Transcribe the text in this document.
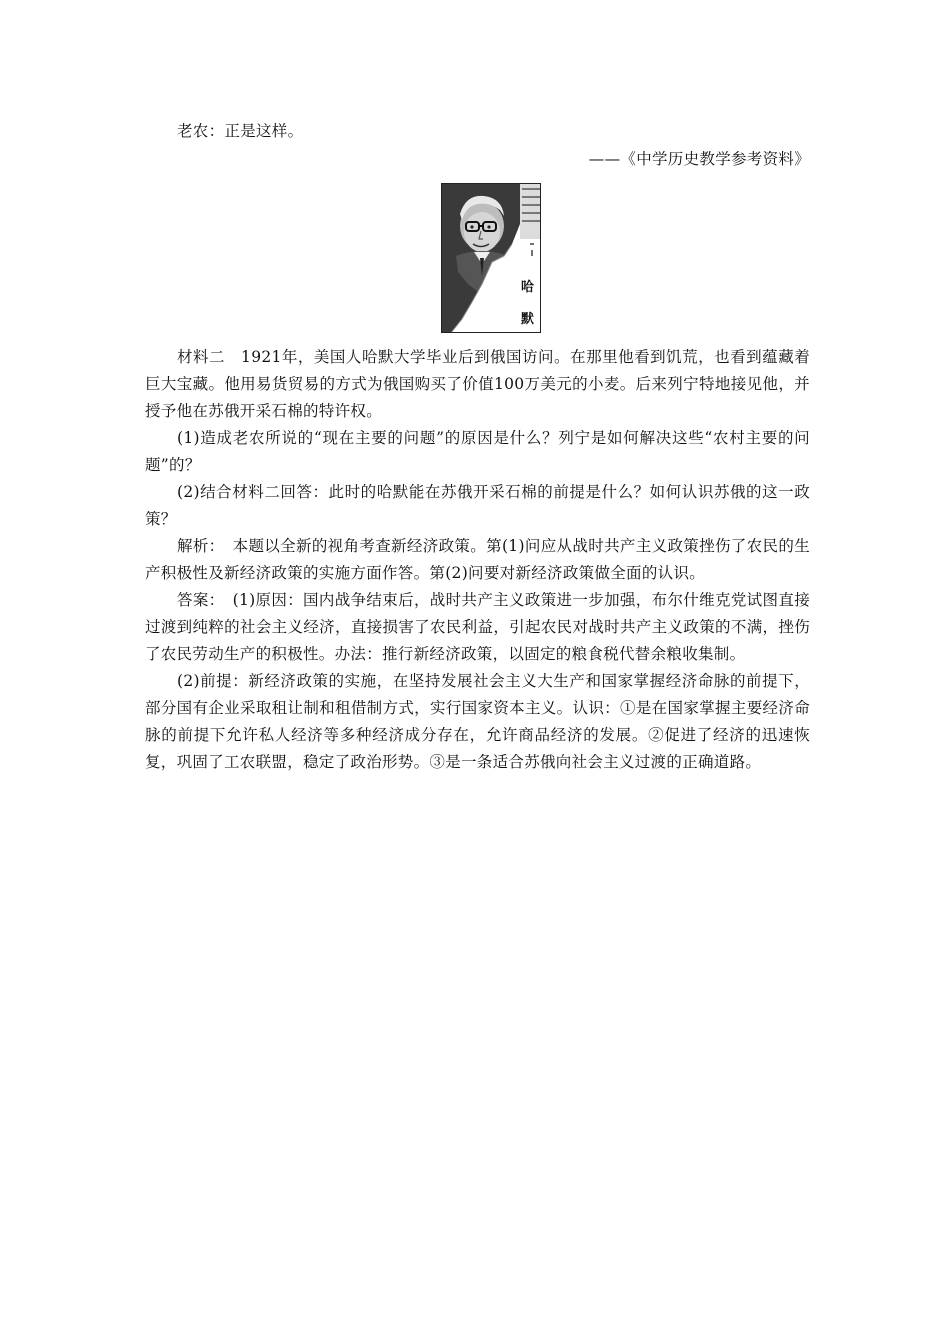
老农：正是这样。
——《中学历史教学参考资料》
哈
默

材料二　1921年，美国人哈默大学毕业后到俄国访问。在那里他看到饥荒，也看到蕴藏着巨大宝藏。他用易货贸易的方式为俄国购买了价值100万美元的小麦。后来列宁特地接见他，并授予他在苏俄开采石棉的特许权。

(1)造成老农所说的“现在主要的问题”的原因是什么？列宁是如何解决这些“农村主要的问题”的？

(2)结合材料二回答：此时的哈默能在苏俄开采石棉的前提是什么？如何认识苏俄的这一政策？

解析：　本题以全新的视角考查新经济政策。第(1)问应从战时共产主义政策挫伤了农民的生产积极性及新经济政策的实施方面作答。第(2)问要对新经济政策做全面的认识。

答案：　(1)原因：国内战争结束后，战时共产主义政策进一步加强，布尔什维克党试图直接过渡到纯粹的社会主义经济，直接损害了农民利益，引起农民对战时共产主义政策的不满，挫伤了农民劳动生产的积极性。办法：推行新经济政策，以固定的粮食税代替余粮收集制。

(2)前提：新经济政策的实施，在坚持发展社会主义大生产和国家掌握经济命脉的前提下，部分国有企业采取租让制和租借制方式，实行国家资本主义。认识：①是在国家掌握主要经济命脉的前提下允许私人经济等多种经济成分存在，允许商品经济的发展。②促进了经济的迅速恢复，巩固了工农联盟，稳定了政治形势。③是一条适合苏俄向社会主义过渡的正确道路。
